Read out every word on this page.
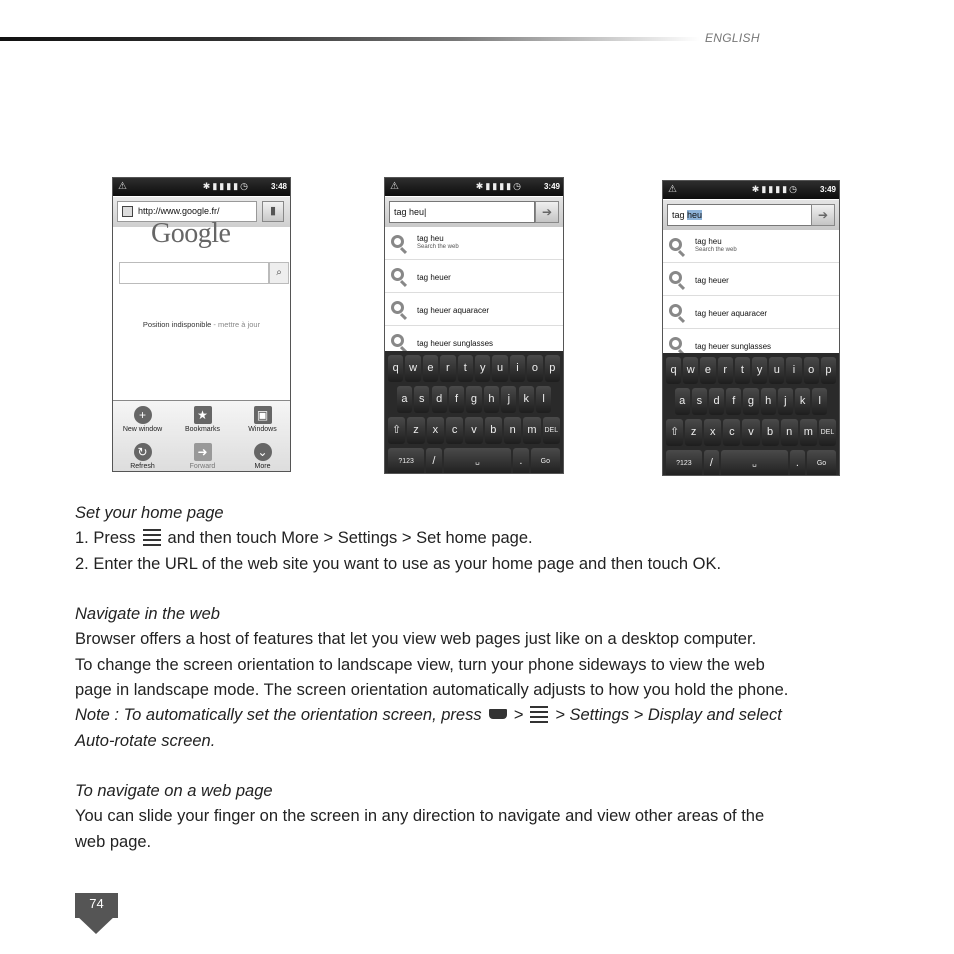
ENGLISH
⚠	✱▮▮▮▮◷	3:48
http://www.google.fr/	▮
Google
⌕
Position indisponible - mettre à jour
+
New window
★
Bookmarks
▣
Windows
↻
Refresh
➜
Forward
⌄
More
⚠	✱▮▮▮▮◷	3:49
tag heu|	➔
tag heu
Search the web
tag heuer
tag heuer aquaracer
tag heuer sunglasses
q w e	r	t	y	u	i	o	p
a	s	d	f	g	h	j	k	l
⇧	z	x	c	v	b	n	m	DEL
?123	/	␣	.	Go
⚠	✱▮▮▮▮◷	3:49
tag heu	➔
tag heu
Search the web
tag heuer
tag heuer aquaracer
tag heuer sunglasses
q w e	r	t	y	u	i	o	p
a	s	d	f	g	h	j	k	l
⇧	z	x	c	v	b	n	m	DEL
?123	/	␣	.	Go
Set your home page
1. Press and then touch More > Settings > Set home page.
2. Enter the URL of the web site you want to use as your home page and then touch OK.
Navigate in the web
Browser offers a host of features that let you view web pages just like on a desktop computer.
To change the screen orientation to landscape view, turn your phone sideways to view the web
page in landscape mode. The screen orientation automatically adjusts to how you hold the phone.
Note : To automatically set the orientation screen, press > > Settings > Display and select
Auto-rotate screen.
To navigate on a web page
You can slide your finger on the screen in any direction to navigate and view other areas of the
web page.
74
